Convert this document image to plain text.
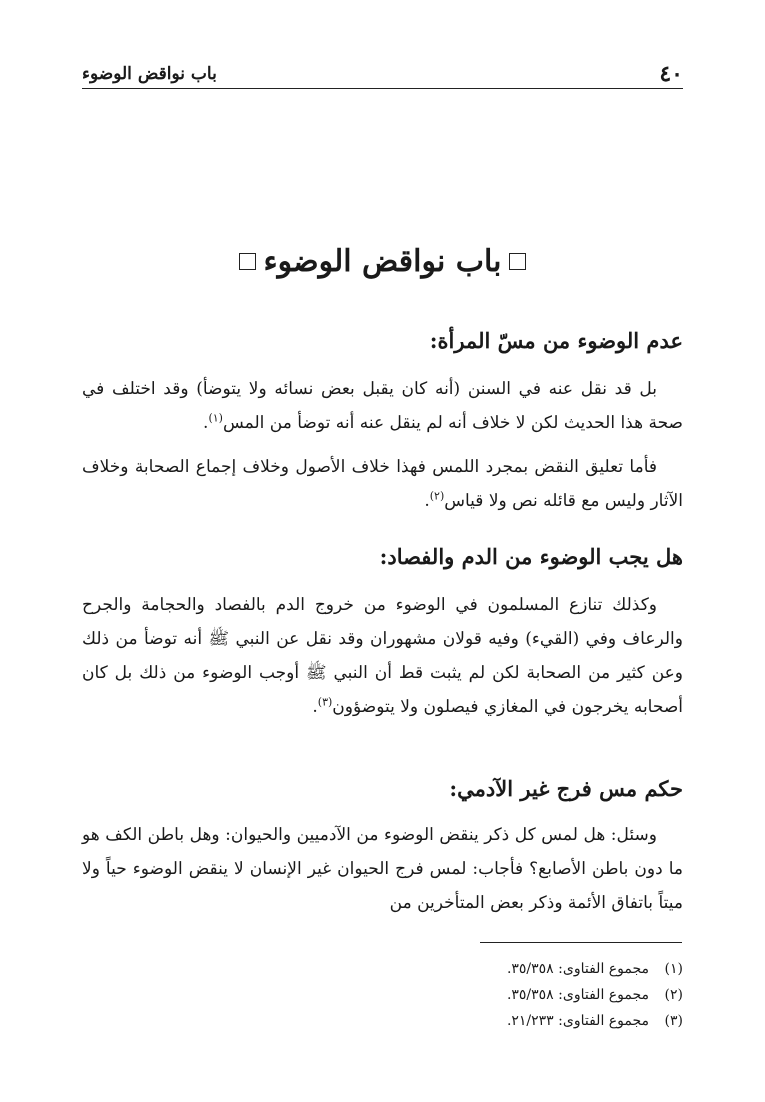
٤٠
باب نواقض الوضوء
باب نواقض الوضوء
عدم الوضوء من مسّ المرأة:

بل قد نقل عنه في السنن (أنه كان يقبل بعض نسائه ولا يتوضأ) وقد اختلف في صحة هذا الحديث لكن لا خلاف أنه لم ينقل عنه أنه توضأ من المس$^{(١)}$.

فأما تعليق النقض بمجرد اللمس فهذا خلاف الأصول وخلاف إجماع الصحابة وخلاف الآثار وليس مع قائله نص ولا قياس$^{(٢)}$.

هل يجب الوضوء من الدم والفصاد:

وكذلك تنازع المسلمون في الوضوء من خروج الدم بالفصاد والحجامة والجرح والرعاف وفي (القيء) وفيه قولان مشهوران وقد نقل عن النبي ﷺ أنه توضأ من ذلك وعن كثير من الصحابة لكن لم يثبت قط أن النبي ﷺ أوجب الوضوء من ذلك بل كان أصحابه يخرجون في المغازي فيصلون ولا يتوضؤون$^{(٣)}$.

حكم مس فرج غير الآدمي:

وسئل: هل لمس كل ذكر ينقض الوضوء من الآدميين والحيوان: وهل باطن الكف هو ما دون باطن الأصابع؟ فأجاب: لمس فرج الحيوان غير الإنسان لا ينقض الوضوء حياً ولا ميتاً باتفاق الأئمة وذكر بعض المتأخرين من

(١)
مجموع الفتاوى: ٣٥/٣٥٨.
(٢)
مجموع الفتاوى: ٣٥/٣٥٨.
(٣)
مجموع الفتاوى: ٢١/٢٣٣.
